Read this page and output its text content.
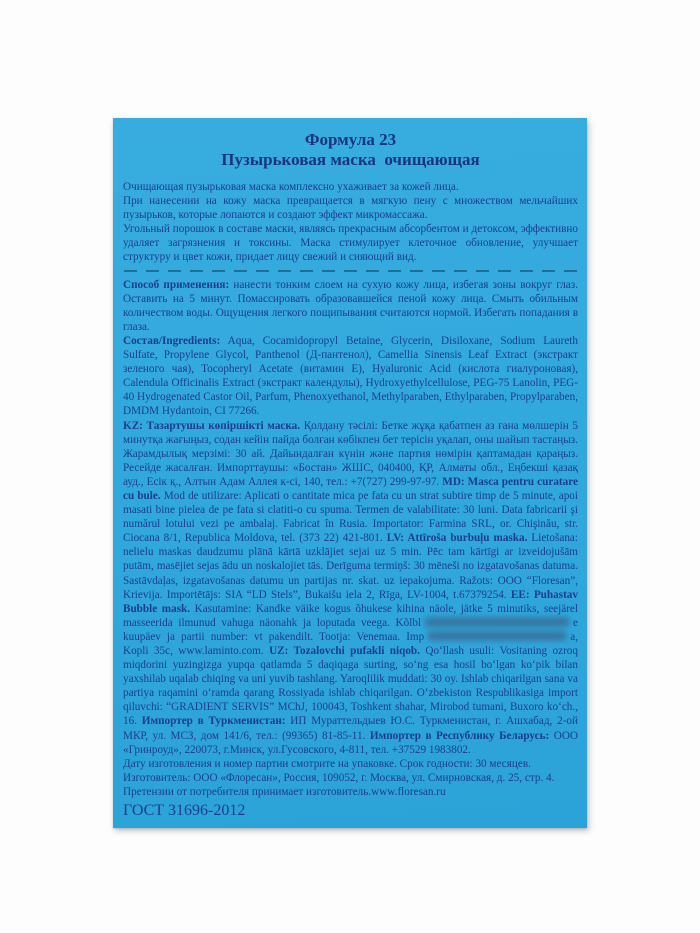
Формула 23
Пузырьковая маска  очищающая

Очищающая пузырьковая маска комплексно ухаживает за кожей лица.

При нанесении на кожу маска превращается в мягкую пену с множеством мельчайших пузырьков, которые лопаются и создают эффект микромассажа.

Угольный порошок в составе маски, являясь прекрасным абсорбентом и детоксом, эффективно удаляет загрязнения и токсины. Маска стимулирует клеточное обновление, улучшает структуру и цвет кожи, придает лицу свежий и сияющий вид.

Способ применения: нанести тонким слоем на сухую кожу лица, избегая зоны вокруг глаз. Оставить на 5 минут. Помассировать образовавшейся пеной кожу лица. Смыть обильным количеством воды. Ощущения легкого пощипывания считаются нормой. Избегать попадания в глаза.

Состав/Ingredients: Aqua, Cocamidopropyl Betaine, Glycerin, Disiloxane, Sodium Laureth Sulfate, Propylene Glycol, Panthenol (Д-пантенол), Camellia Sinensis Leaf Extract (экстракт зеленого чая), Tocopheryl Acetate (витамин Е), Hyaluronic Acid (кислота гиалуроновая), Calendula Officinalis Extract (экстракт календулы), Hydroxyethylcellulose, PEG-75 Lanolin, PEG-40 Hydrogenated Castor Oil, Parfum, Phenoxyethanol, Methylparaben, Ethylparaben, Propylparaben, DMDM Hydantoin, CI 77266.

KZ: Тазартушы көпіршікті маска. Қолдану тәсілі: Бетке жұқа қабатпен аз ғана мөлшерін 5 минутқа жағыңыз, содан кейін пайда болған көбікпен бет терісін уқалап, оны шайып тастаңыз. Жарамдылық мерзімі: 30 ай. Дайындалған күнін және партия нөмірін қаптамадан қараңыз. Ресейде жасалған. Импорттаушы: «Бостан» ЖШС, 040400, ҚР, Алматы обл., Еңбекші қазақ ауд., Есік қ., Алтын Адам Аллея к-сі, 140, тел.: +7(727) 299-97-97. MD: Masca pentru curatare cu bule. Mod de utilizare: Aplicati o cantitate mica pe fata cu un strat subtire timp de 5 minute, apoi masati bine pielea de pe fata si clatiti-o cu spuma. Termen de valabilitate: 30 luni. Data fabricarii şi numărul lotului vezi pe ambalaj. Fabricat în Rusia. Importator: Farmina SRL, or. Chişinău, str. Ciocana 8/1, Republica Moldova, tel. (373 22) 421-801. LV: Attīroša burbuļu maska. Lietošana: nelielu maskas daudzumu plānā kārtā uzklājiet sejai uz 5 min. Pēc tam kārtīgi ar izveidojušām putām, masējiet sejas ādu un noskalojiet tās. Derīguma termiņš: 30 mēneši no izgatavošanas datuma. Sastāvdaļas, izgatavošanas datumu un partijas nr. skat. uz iepakojuma. Ražots: ООО “Floresan”, Krievija. Importētājs: SIA “LD Stels”, Bukaišu iela 2, Rīga, LV-1004, t.67379254. EE: Puhastav Bubble mask. Kasutamine: Kandke väike kogus õhukese kihina näole, jätke 5 minutiks, seejärel masseerida ilmunud vahuga näonahk ja loputada veega. Kõlbl	e kuupäev ja partii number: vt pakendilt. Tootja: Venemaa. Imp	a, Kopli 35c, www.laminto.com. UZ: Tozalovchi pufakli niqob. Qoʻllash usuli: Vositaning ozroq miqdorini yuzingizga yupqa qatlamda 5 daqiqaga surting, soʻng esa hosil boʻlgan koʻpik bilan yaxshilab uqalab chiqing va uni yuvib tashlang. Yaroqlilik muddati: 30 oy. Ishlab chiqarilgan sana va partiya raqamini oʻramda qarang Rossiyada ishlab chiqarilgan. Oʻzbekiston Respublikasiga import qiluvchi: “GRADIENT SERVIS” MChJ, 100043, Toshkent shahar, Mirobod tumani, Buxoro koʻch., 16. Импортер в Туркменистан: ИП Мураттельдыев Ю.С. Туркменистан, г. Ашхабад, 2-ой МКР, ул. МСЗ, дом 141/6, тел.: (99365) 81-85-11. Импортер в Республику Беларусь: ООО «Гринроуд», 220073, г.Минск, ул.Гусовского, 4-811, тел. +37529 1983802.

Дату изготовления и номер партии смотрите на упаковке. Срок годности: 30 месяцев.

Изготовитель: ООО «Флоресан», Россия, 109052, г. Москва, ул. Смирновская, д. 25, стр. 4.

Претензии от потребителя принимает изготовитель.www.floresan.ru

ГОСТ 31696-2012
